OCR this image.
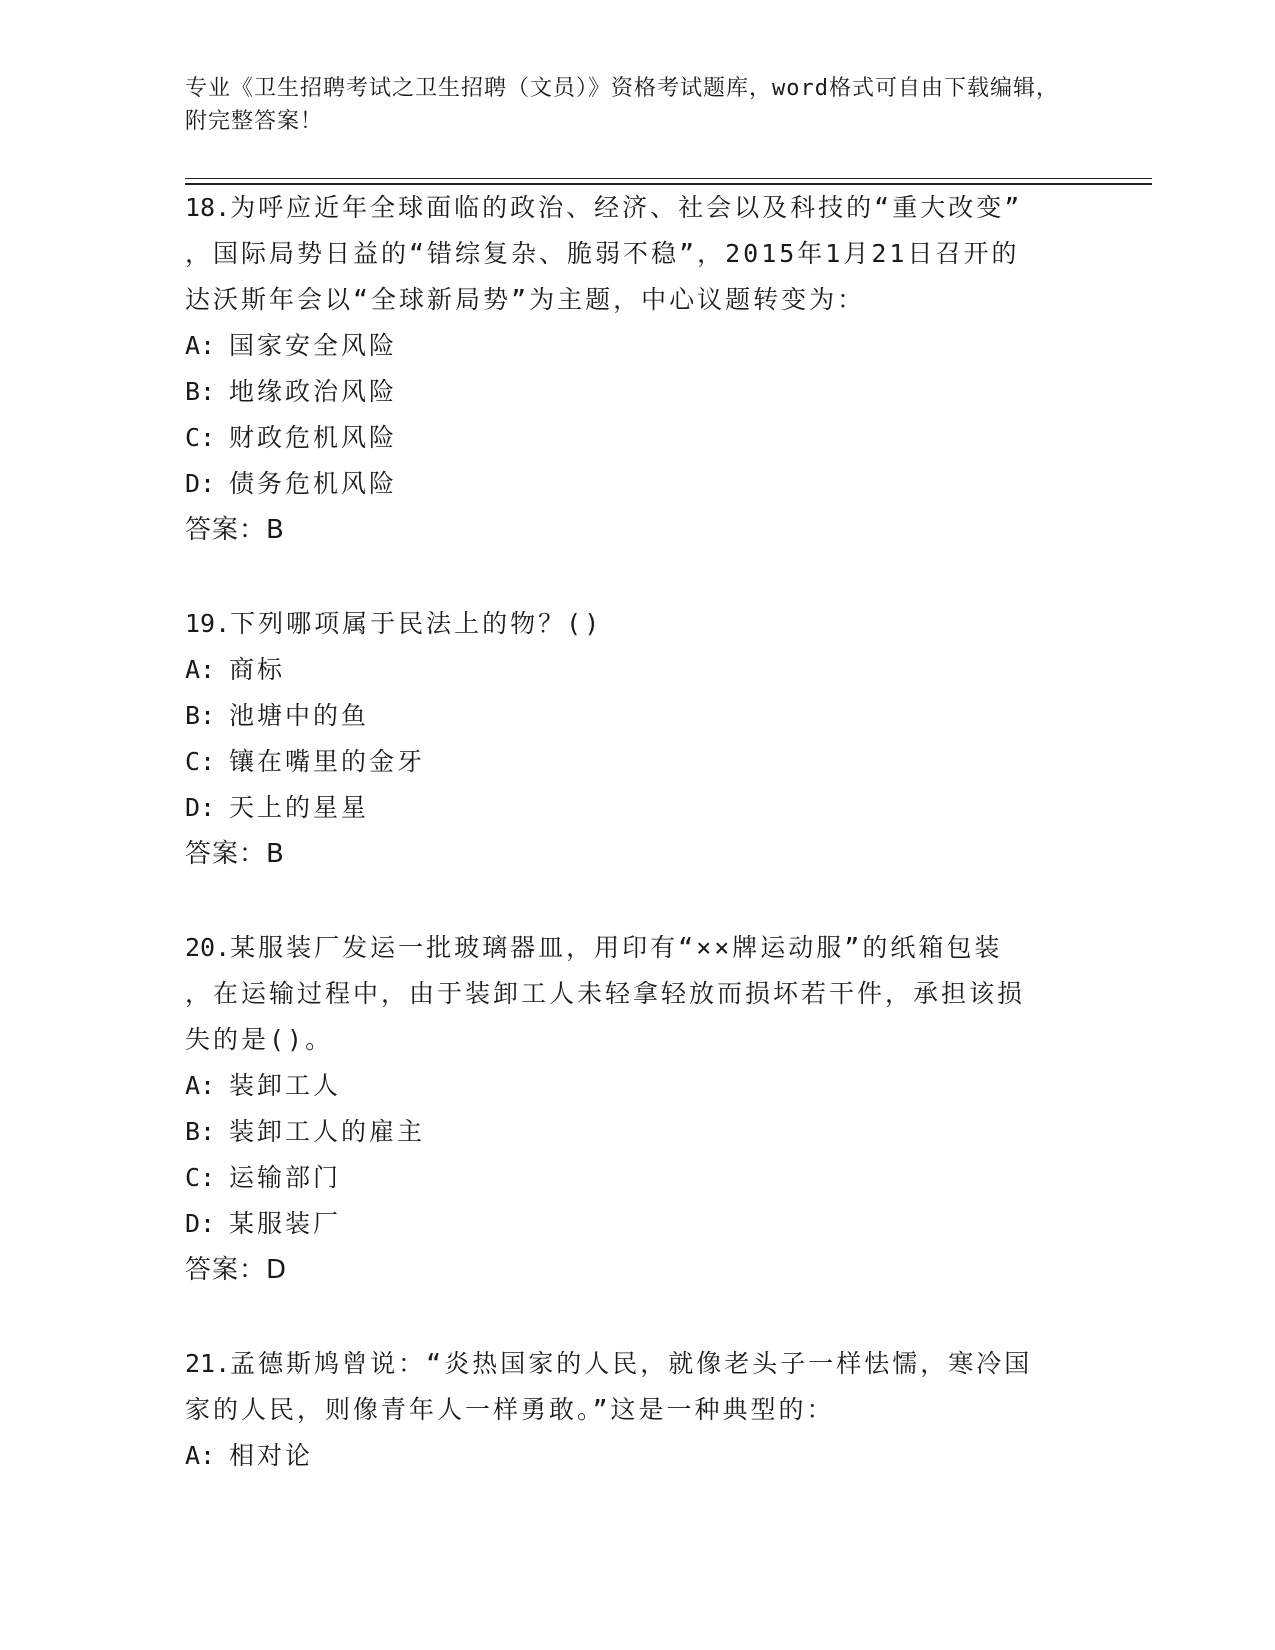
专业《卫生招聘考试之卫生招聘（文员）》资格考试题库，word格式可自由下载编辑，附完整答案！
18.为呼应近年全球面临的政治、经济、社会以及科技的“重大改变”
，国际局势日益的“错综复杂、脆弱不稳”，2015年1月21日召开的
达沃斯年会以“全球新局势”为主题，中心议题转变为：
A: 国家安全风险
B: 地缘政治风险
C: 财政危机风险
D: 债务危机风险
答案：B
19.下列哪项属于民法上的物？()
A: 商标
B: 池塘中的鱼
C: 镶在嘴里的金牙
D: 天上的星星
答案：B
20.某服装厂发运一批玻璃器皿，用印有“××牌运动服”的纸箱包装
，在运输过程中，由于装卸工人未轻拿轻放而损坏若干件，承担该损
失的是()。
A: 装卸工人
B: 装卸工人的雇主
C: 运输部门
D: 某服装厂
答案：D
21.孟德斯鸠曾说：“炎热国家的人民，就像老头子一样怯懦，寒冷国
家的人民，则像青年人一样勇敢。”这是一种典型的：
A: 相对论
